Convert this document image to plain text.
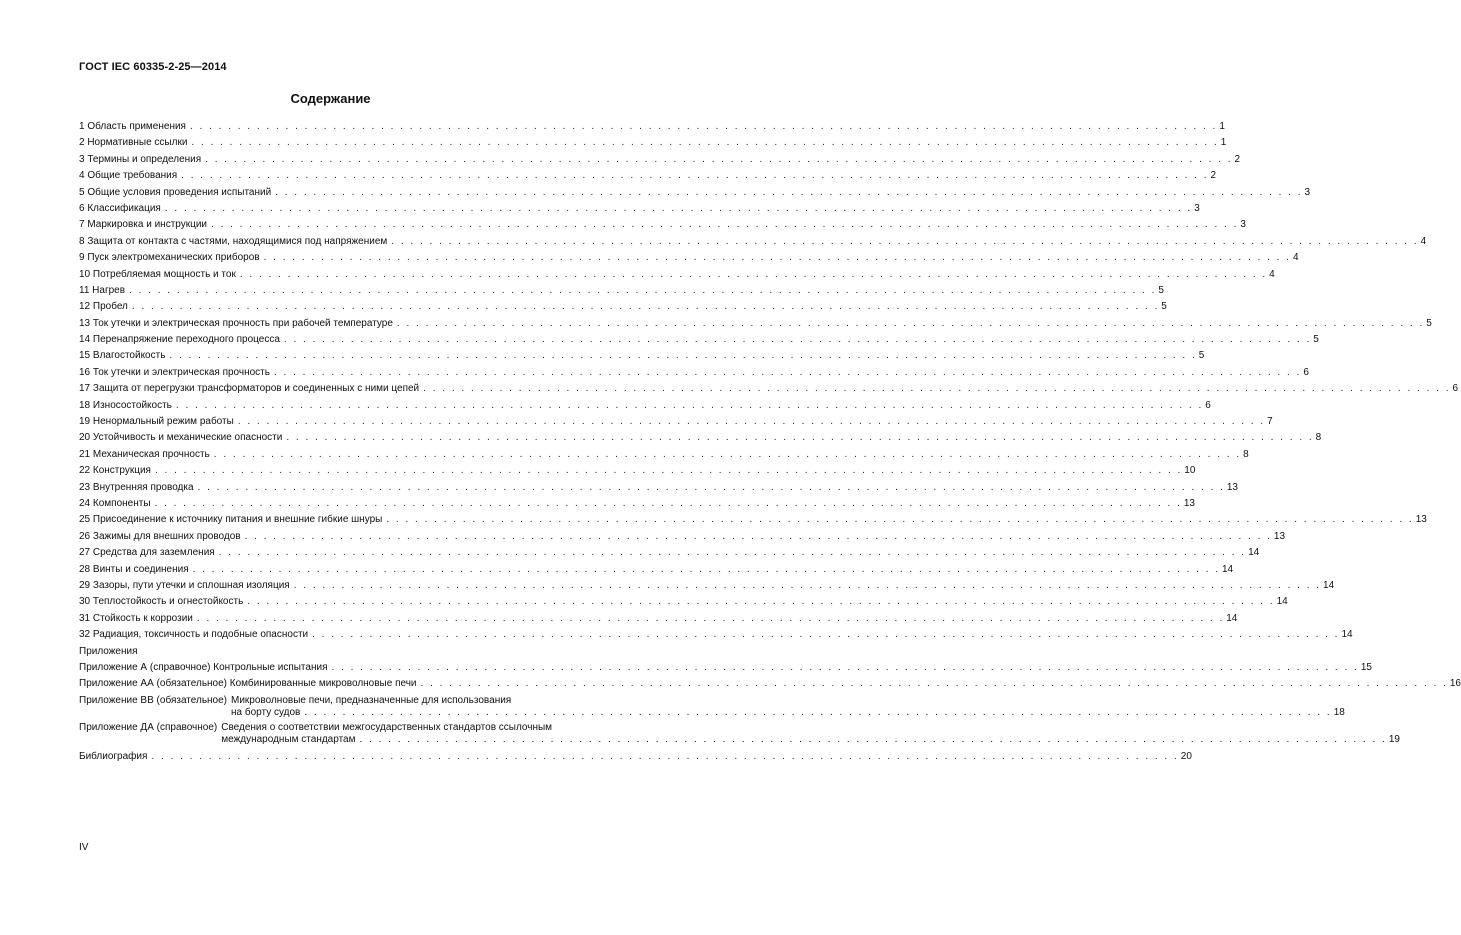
ГОСТ IEC 60335-2-25—2014
Содержание
1 Область применения . . .	1
2 Нормативные ссылки . . .	1
3 Термины и определения . . .	2
4 Общие требования . . .	2
5 Общие условия проведения испытаний . . .	3
6 Классификация . . .	3
7 Маркировка и инструкции . . .	3
8 Защита от контакта с частями, находящимися под напряжением . . .	4
9 Пуск электромеханических приборов . . .	4
10 Потребляемая мощность и ток . . .	4
11 Нагрев . . .	5
12 Пробел . . .	5
13 Ток утечки и электрическая прочность при рабочей температуре . . .	5
14 Перенапряжение переходного процесса . . .	5
15 Влагостойкость . . .	5
16 Ток утечки и электрическая прочность . . .	6
17 Защита от перегрузки трансформаторов и соединенных с ними цепей . . .	6
18 Износостойкость . . .	6
19 Ненормальный режим работы . . .	7
20 Устойчивость и механические опасности . . .	8
21 Механическая прочность . . .	8
22 Конструкция . . .	10
23 Внутренняя проводка . . .	13
24 Компоненты . . .	13
25 Присоединение к источнику питания и внешние гибкие шнуры . . .	13
26 Зажимы для внешних проводов . . .	13
27 Средства для заземления . . .	14
28 Винты и соединения . . .	14
29 Зазоры, пути утечки и сплошная изоляция . . .	14
30 Теплостойкость и огнестойкость . . .	14
31 Стойкость к коррозии . . .	14
32 Радиация, токсичность и подобные опасности . . .	14
Приложения
Приложение А (справочное) Контрольные испытания . . .	15
Приложение АА (обязательное) Комбинированные микроволновые печи . . .	16
Приложение ВВ (обязательное) Микроволновые печи, предназначенные для использования
на борту судов . . .	18
Приложение ДА (справочное) Сведения о соответствии межгосударственных стандартов ссылочным
международным стандартам . . .	19
Библиография . . .	20
IV
